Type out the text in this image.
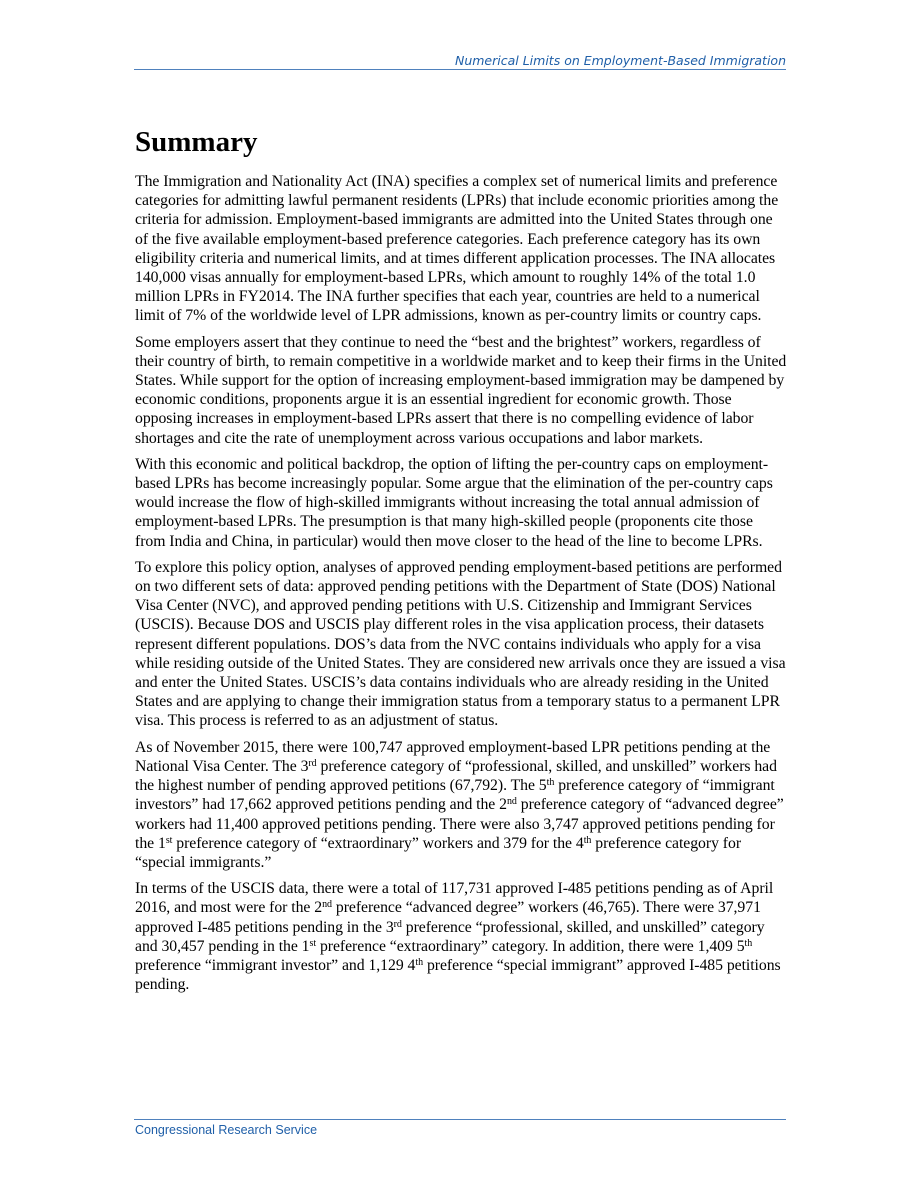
Numerical Limits on Employment-Based Immigration
Summary

The Immigration and Nationality Act (INA) specifies a complex set of numerical limits and preference categories for admitting lawful permanent residents (LPRs) that include economic priorities among the criteria for admission. Employment-based immigrants are admitted into the United States through one of the five available employment-based preference categories. Each preference category has its own eligibility criteria and numerical limits, and at times different application processes. The INA allocates 140,000 visas annually for employment-based LPRs, which amount to roughly 14% of the total 1.0 million LPRs in FY2014. The INA further specifies that each year, countries are held to a numerical limit of 7% of the worldwide level of LPR admissions, known as per-country limits or country caps.

Some employers assert that they continue to need the “best and the brightest” workers, regardless of their country of birth, to remain competitive in a worldwide market and to keep their firms in the United States. While support for the option of increasing employment-based immigration may be dampened by economic conditions, proponents argue it is an essential ingredient for economic growth. Those opposing increases in employment-based LPRs assert that there is no compelling evidence of labor shortages and cite the rate of unemployment across various occupations and labor markets.

With this economic and political backdrop, the option of lifting the per-country caps on employment-based LPRs has become increasingly popular. Some argue that the elimination of the per-country caps would increase the flow of high-skilled immigrants without increasing the total annual admission of employment-based LPRs. The presumption is that many high-skilled people (proponents cite those from India and China, in particular) would then move closer to the head of the line to become LPRs.

To explore this policy option, analyses of approved pending employment-based petitions are performed on two different sets of data: approved pending petitions with the Department of State (DOS) National Visa Center (NVC), and approved pending petitions with U.S. Citizenship and Immigrant Services (USCIS). Because DOS and USCIS play different roles in the visa application process, their datasets represent different populations. DOS’s data from the NVC contains individuals who apply for a visa while residing outside of the United States. They are considered new arrivals once they are issued a visa and enter the United States. USCIS’s data contains individuals who are already residing in the United States and are applying to change their immigration status from a temporary status to a permanent LPR visa. This process is referred to as an adjustment of status.

As of November 2015, there were 100,747 approved employment-based LPR petitions pending at the National Visa Center. The 3rd preference category of “professional, skilled, and unskilled” workers had the highest number of pending approved petitions (67,792). The 5th preference category of “immigrant investors” had 17,662 approved petitions pending and the 2nd preference category of “advanced degree” workers had 11,400 approved petitions pending. There were also 3,747 approved petitions pending for the 1st preference category of “extraordinary” workers and 379 for the 4th preference category for “special immigrants.”

In terms of the USCIS data, there were a total of 117,731 approved I-485 petitions pending as of April 2016, and most were for the 2nd preference “advanced degree” workers (46,765). There were 37,971 approved I-485 petitions pending in the 3rd preference “professional, skilled, and unskilled” category and 30,457 pending in the 1st preference “extraordinary” category. In addition, there were 1,409 5th preference “immigrant investor” and 1,129 4th preference “special immigrant” approved I-485 petitions pending.

Congressional Research Service
